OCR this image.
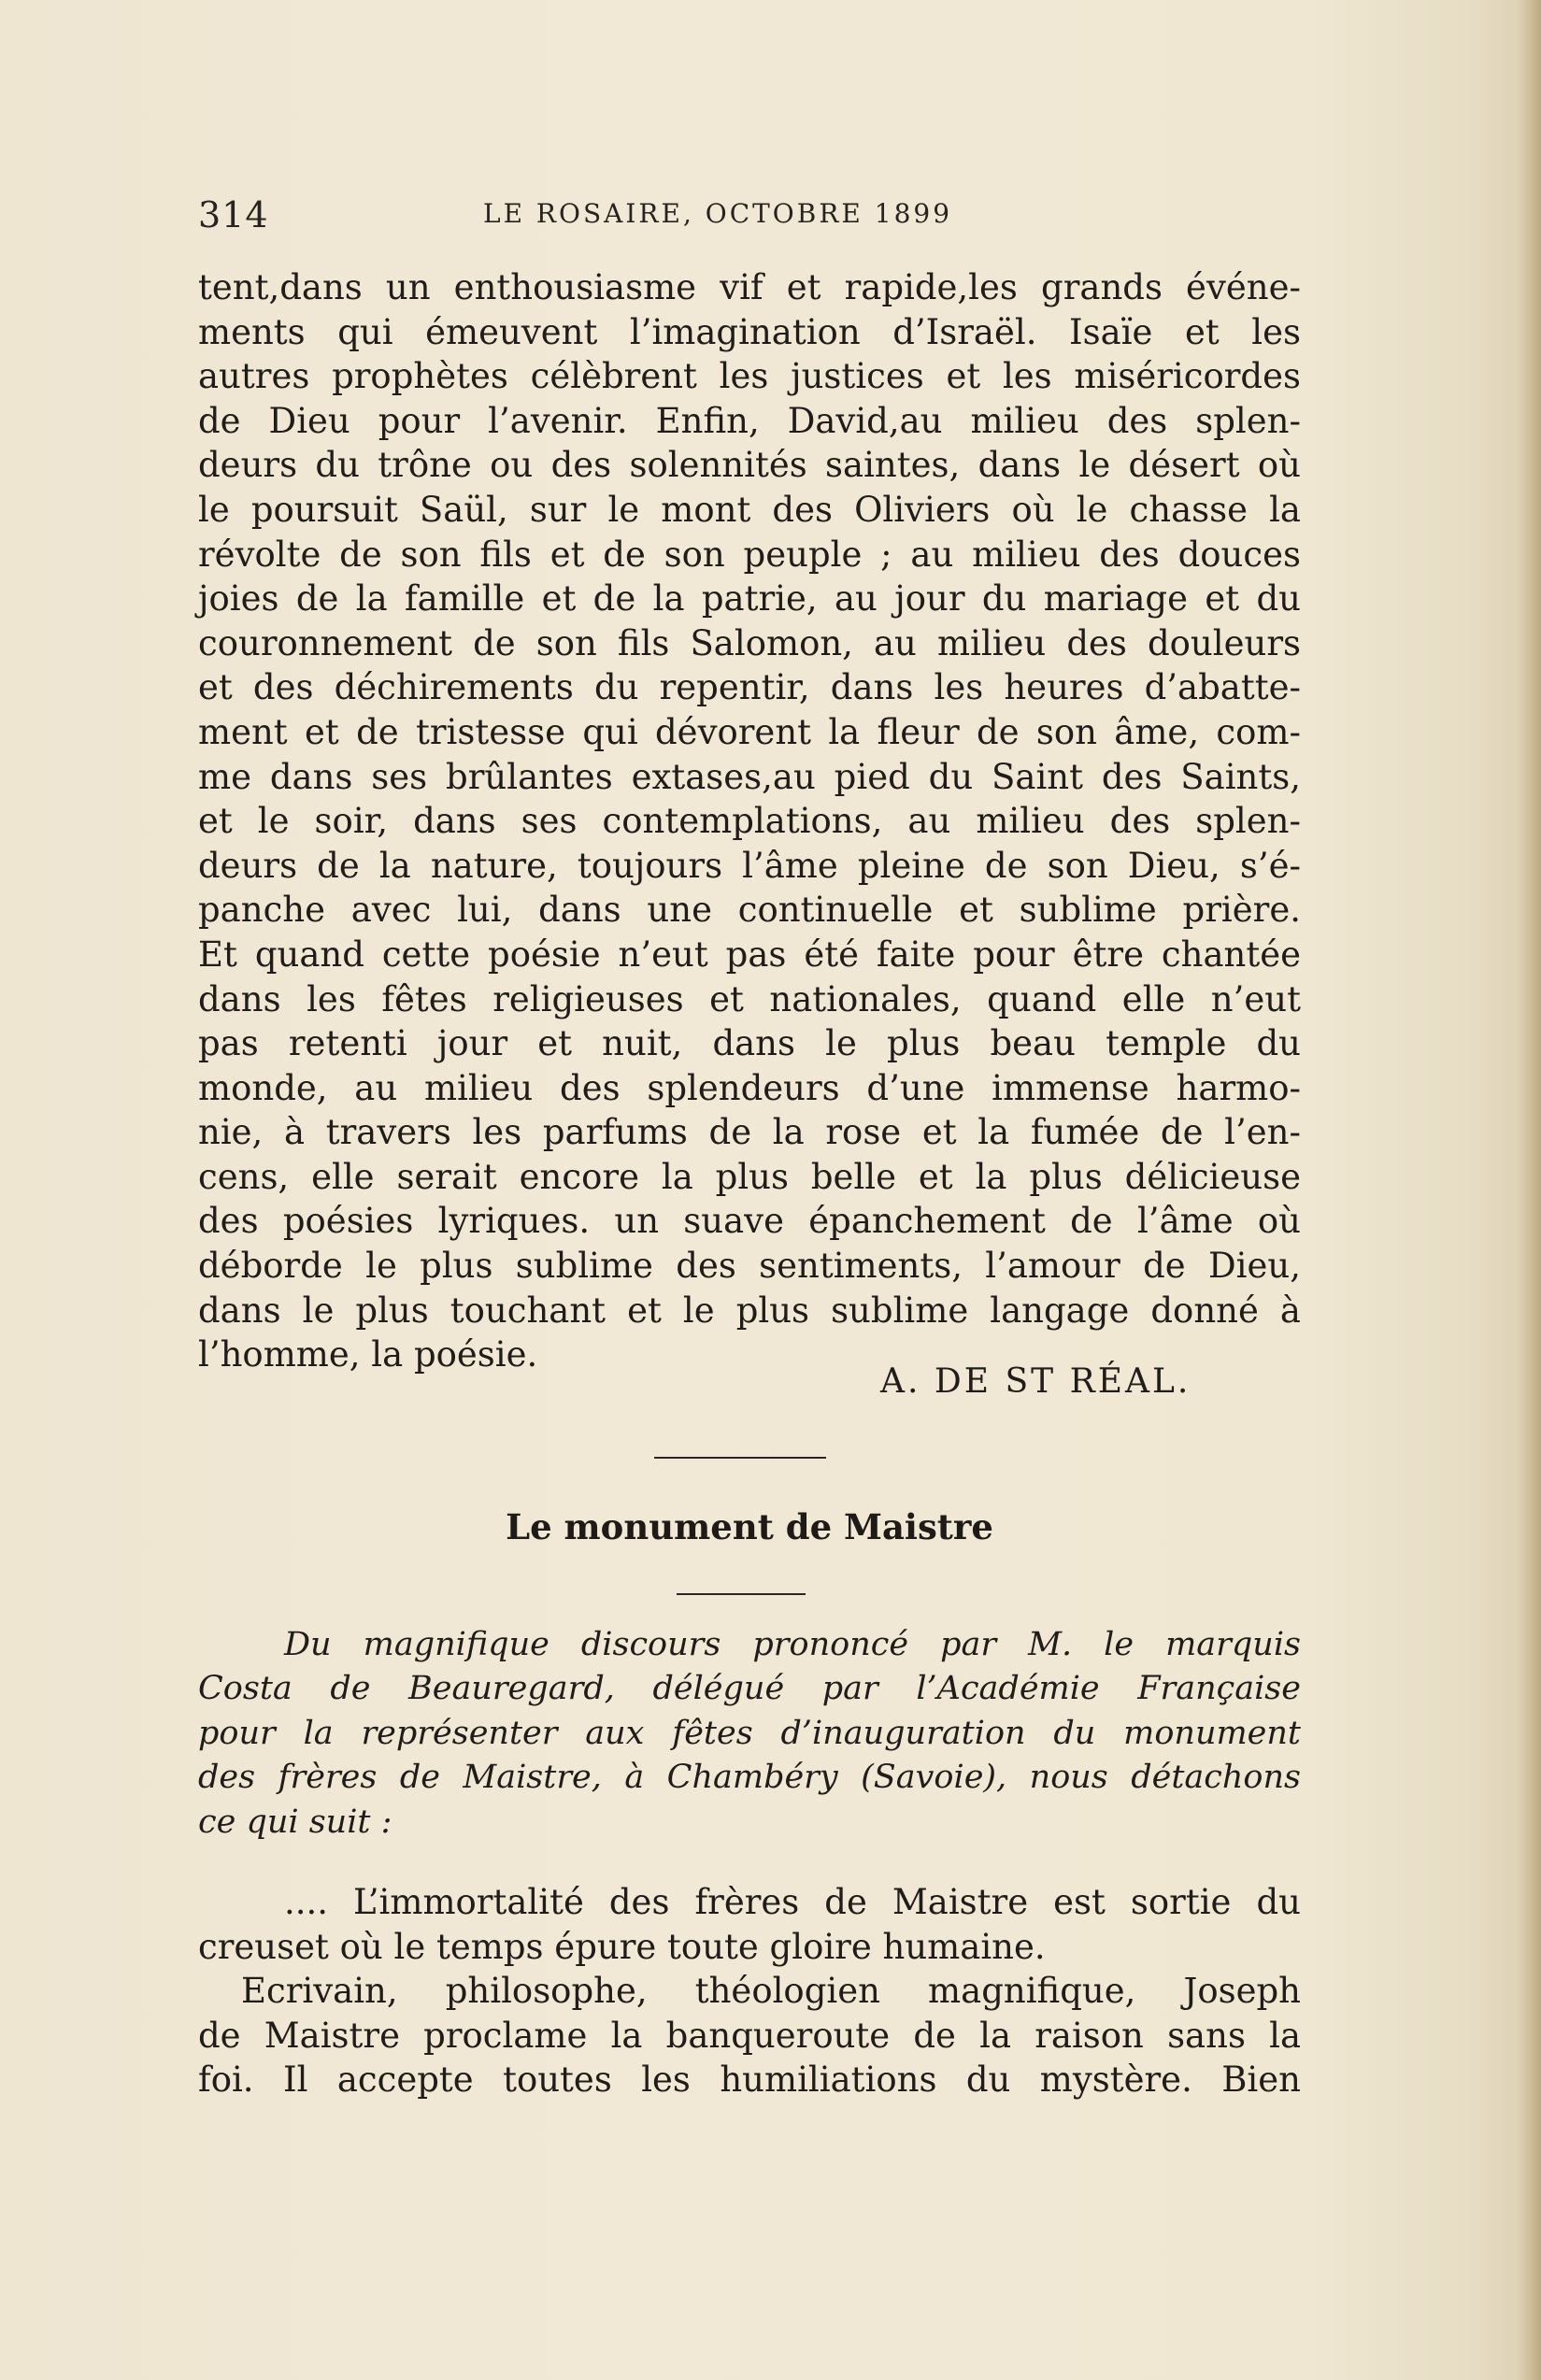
314	LE ROSAIRE, OCTOBRE 1899
tent,dans un enthousiasme vif et rapide,les grands événe-
ments qui émeuvent l’imagination d’Israël. Isaïe et les
autres prophètes célèbrent les justices et les miséricordes
de Dieu pour l’avenir. Enfin, David,au milieu des splen-
deurs du trône ou des solennités saintes, dans le désert où
le poursuit Saül, sur le mont des Oliviers où le chasse la
révolte de son fils et de son peuple ; au milieu des douces
joies de la famille et de la patrie, au jour du mariage et du
couronnement de son fils Salomon, au milieu des douleurs
et des déchirements du repentir, dans les heures d’abatte-
ment et de tristesse qui dévorent la fleur de son âme, com-
me dans ses brûlantes extases,au pied du Saint des Saints,
et le soir, dans ses contemplations, au milieu des splen-
deurs de la nature, toujours l’âme pleine de son Dieu, s’é-
panche avec lui, dans une continuelle et sublime prière.
Et quand cette poésie n’eut pas été faite pour être chantée
dans les fêtes religieuses et nationales, quand elle n’eut
pas retenti jour et nuit, dans le plus beau temple du
monde, au milieu des splendeurs d’une immense harmo-
nie, à travers les parfums de la rose et la fumée de l’en-
cens, elle serait encore la plus belle et la plus délicieuse
des poésies lyriques. un suave épanchement de l’âme où
déborde le plus sublime des sentiments, l’amour de Dieu,
dans le plus touchant et le plus sublime langage donné à
l’homme, la poésie.
A. DE ST RÉAL.
Le monument de Maistre
Du magnifique discours prononcé par M. le marquis
Costa de Beauregard, délégué par l’Académie Française
pour la représenter aux fêtes d’inauguration du monument
des frères de Maistre, à Chambéry (Savoie), nous détachons
ce qui suit :
.... L’immortalité des frères de Maistre est sortie du
creuset où le temps épure toute gloire humaine.
Ecrivain, philosophe, théologien magnifique, Joseph
de Maistre proclame la banqueroute de la raison sans la
foi. Il accepte toutes les humiliations du mystère. Bien
